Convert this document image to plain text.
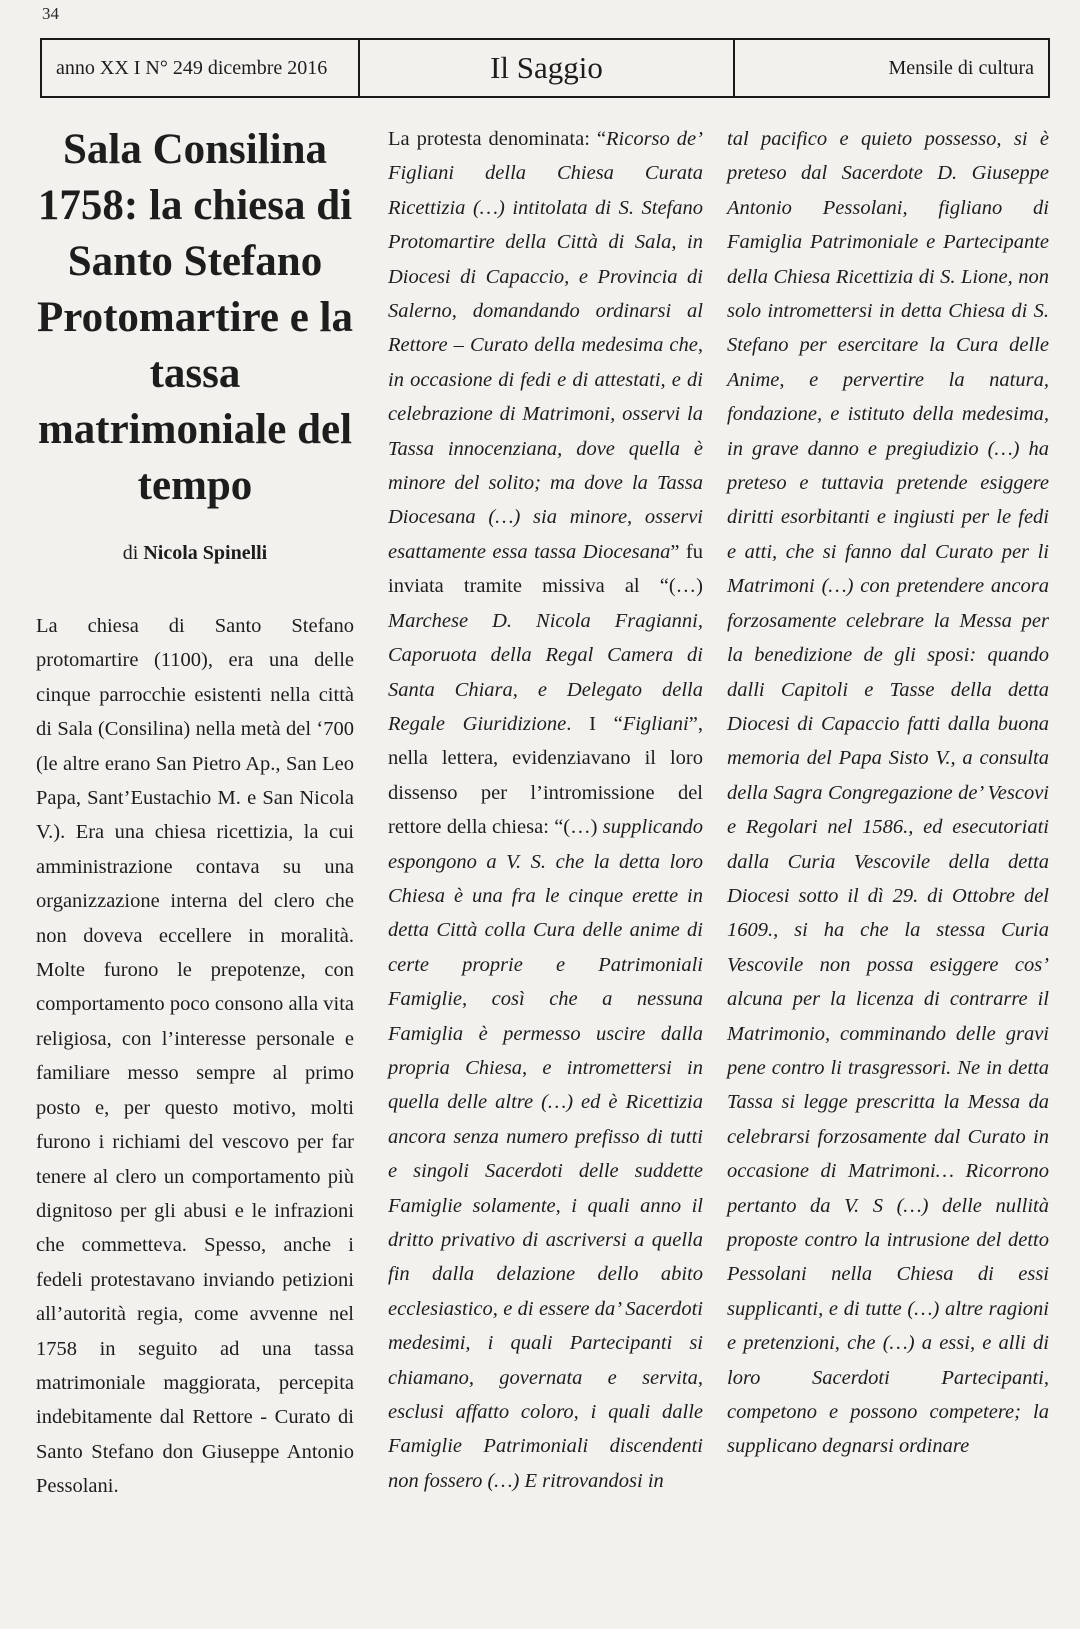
34
anno XX I N° 249 dicembre 2016	Il Saggio	Mensile di cultura
Sala Consilina 1758: la chiesa di Santo Stefano Protomartire e la tassa matrimoniale del tempo
di Nicola Spinelli
La chiesa di Santo Stefano protomartire (1100), era una delle cinque parrocchie esistenti nella città di Sala (Consilina) nella metà del ‘700 (le altre erano San Pietro Ap., San Leo Papa, Sant’Eustachio M. e San Nicola V.). Era una chiesa ricettizia, la cui amministrazione contava su una organizzazione interna del clero che non doveva eccellere in moralità. Molte furono le prepotenze, con comportamento poco consono alla vita religiosa, con l’interesse personale e familiare messo sempre al primo posto e, per questo motivo, molti furono i richiami del vescovo per far tenere al clero un comportamento più dignitoso per gli abusi e le infrazioni che commetteva. Spesso, anche i fedeli protestavano inviando petizioni all’autorità regia, come avvenne nel 1758 in seguito ad una tassa matrimoniale maggiorata, percepita indebitamente dal Rettore - Curato di Santo Stefano don Giuseppe Antonio Pessolani.
La protesta denominata: “Ricorso de’ Figliani della Chiesa Curata Ricettizia (…) intitolata di S. Stefano Protomartire della Città di Sala, in Diocesi di Capaccio, e Provincia di Salerno, domandando ordinarsi al Rettore – Curato della medesima che, in occasione di fedi e di attestati, e di celebrazione di Matrimoni, osservi la Tassa innocenziana, dove quella è minore del solito; ma dove la Tassa Diocesana (…) sia minore, osservi esattamente essa tassa Diocesana” fu inviata tramite missiva al “(…) Marchese D. Nicola Fragianni, Caporuota della Regal Camera di Santa Chiara, e Delegato della Regale Giuridizione. I “Figliani”, nella lettera, evidenziavano il loro dissenso per l’intromissione del rettore della chiesa: “(…) supplicando espongono a V. S. che la detta loro Chiesa è una fra le cinque erette in detta Città colla Cura delle anime di certe proprie e Patrimoniali Famiglie, così che a nessuna Famiglia è permesso uscire dalla propria Chiesa, e intromettersi in quella delle altre (…) ed è Ricettizia ancora senza numero prefisso di tutti e singoli Sacerdoti delle suddette Famiglie solamente, i quali anno il dritto privativo di ascriversi a quella fin dalla delazione dello abito ecclesiastico, e di essere da’ Sacerdoti medesimi, i quali Partecipanti si chiamano, governata e servita, esclusi affatto coloro, i quali dalle Famiglie Patrimoniali discendenti non fossero (…) E ritrovandosi in
tal pacifico e quieto possesso, si è preteso dal Sacerdote D. Giuseppe Antonio Pessolani, figliano di Famiglia Patrimoniale e Partecipante della Chiesa Ricettizia di S. Lione, non solo intromettersi in detta Chiesa di S. Stefano per esercitare la Cura delle Anime, e pervertire la natura, fondazione, e istituto della medesima, in grave danno e pregiudizio (…) ha preteso e tuttavia pretende esiggere diritti esorbitanti e ingiusti per le fedi e atti, che si fanno dal Curato per li Matrimoni (…) con pretendere ancora forzosamente celebrare la Messa per la benedizione de gli sposi: quando dalli Capitoli e Tasse della detta Diocesi di Capaccio fatti dalla buona memoria del Papa Sisto V., a consulta della Sagra Congregazione de’ Vescovi e Regolari nel 1586., ed esecutoriati dalla Curia Vescovile della detta Diocesi sotto il dì 29. di Ottobre del 1609., si ha che la stessa Curia Vescovile non possa esiggere cos’ alcuna per la licenza di contrarre il Matrimonio, comminando delle gravi pene contro li trasgressori. Ne in detta Tassa si legge prescritta la Messa da celebrarsi forzosamente dal Curato in occasione di Matrimoni… Ricorrono pertanto da V. S (…) delle nullità proposte contro la intrusione del detto Pessolani nella Chiesa di essi supplicanti, e di tutte (…) altre ragioni e pretenzioni, che (…) a essi, e alli di loro Sacerdoti Partecipanti, competono e possono competere; la supplicano degnarsi ordinare
